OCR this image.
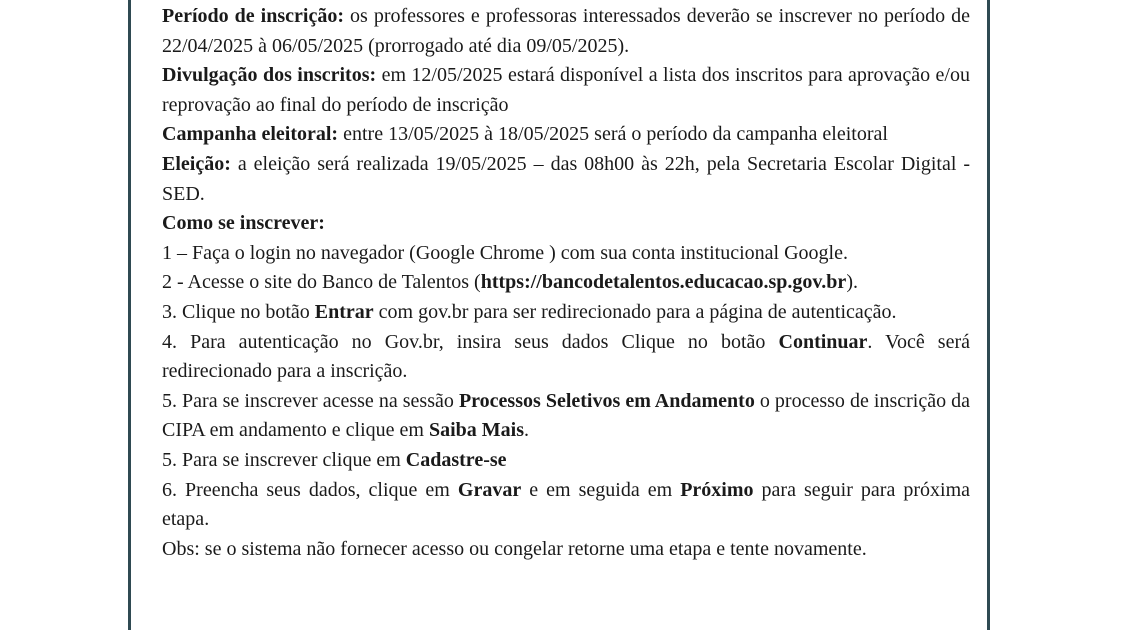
Período de inscrição: os professores e professoras interessados deverão se inscrever no período de 22/04/2025 à 06/05/2025 (prorrogado até dia 09/05/2025).

Divulgação dos inscritos: em 12/05/2025 estará disponível a lista dos inscritos para aprovação e/ou reprovação ao final do período de inscrição

Campanha eleitoral: entre 13/05/2025 à 18/05/2025 será o período da campanha eleitoral

Eleição: a eleição será realizada 19/05/2025 – das 08h00 às 22h, pela Secretaria Escolar Digital - SED.

Como se inscrever:

1 – Faça o login no navegador (Google Chrome ) com sua conta institucional Google.

2 - Acesse o site do Banco de Talentos (https://bancodetalentos.educacao.sp.gov.br).

3. Clique no botão Entrar com gov.br para ser redirecionado para a página de autenticação.

4. Para autenticação no Gov.br, insira seus dados Clique no botão Continuar. Você será redirecionado para a inscrição.

5. Para se inscrever acesse na sessão Processos Seletivos em Andamento o processo de inscrição da CIPA em andamento e clique em Saiba Mais.

5. Para se inscrever clique em Cadastre-se

6. Preencha seus dados, clique em Gravar e em seguida em Próximo para seguir para próxima etapa.

Obs: se o sistema não fornecer acesso ou congelar retorne uma etapa e tente novamente.
